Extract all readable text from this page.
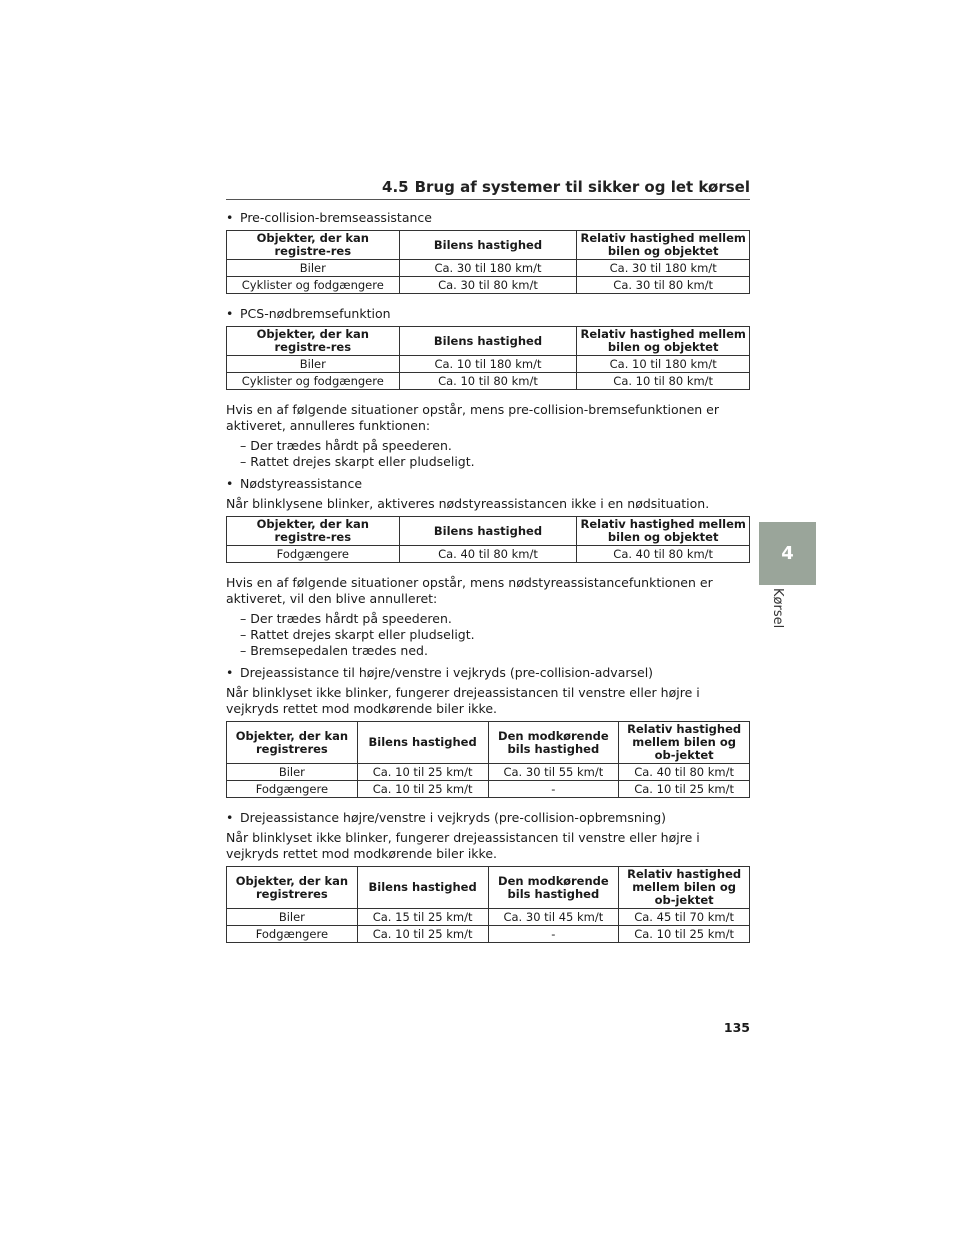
4.5 Brug af systemer til sikker og let kørsel
• Pre-collision-bremseassistance
Objekter, der kan registre-res	Bilens hastighed	Relativ hastighed mellem bilen og objektet
Biler	Ca. 30 til 180 km/t	Ca. 30 til 180 km/t
Cyklister og fodgængere	Ca. 30 til 80 km/t	Ca. 30 til 80 km/t
• PCS-nødbremsefunktion
Objekter, der kan registre-res	Bilens hastighed	Relativ hastighed mellem bilen og objektet
Biler	Ca. 10 til 180 km/t	Ca. 10 til 180 km/t
Cyklister og fodgængere	Ca. 10 til 80 km/t	Ca. 10 til 80 km/t

Hvis en af følgende situationer opstår, mens pre-collision-bremsefunktionen er aktiveret, annulleres funktionen:

– Der trædes hårdt på speederen.
– Rattet drejes skarpt eller pludseligt.
• Nødstyreassistance

Når blinklysene blinker, aktiveres nødstyreassistancen ikke i en nødsituation.

Objekter, der kan registre-res	Bilens hastighed	Relativ hastighed mellem bilen og objektet
Fodgængere	Ca. 40 til 80 km/t	Ca. 40 til 80 km/t

Hvis en af følgende situationer opstår, mens nødstyreassistancefunktionen er aktiveret, vil den blive annulleret:

– Der trædes hårdt på speederen.
– Rattet drejes skarpt eller pludseligt.
– Bremsepedalen trædes ned.
• Drejeassistance til højre/venstre i vejkryds (pre-collision-advarsel)

Når blinklyset ikke blinker, fungerer drejeassistancen til venstre eller højre i vejkryds rettet mod modkørende biler ikke.

Objekter, der kan registreres	Bilens hastighed	Den modkørende bils hastighed	Relativ hastighed mellem bilen og ob-jektet
Biler	Ca. 10 til 25 km/t	Ca. 30 til 55 km/t	Ca. 40 til 80 km/t
Fodgængere	Ca. 10 til 25 km/t	-	Ca. 10 til 25 km/t
• Drejeassistance højre/venstre i vejkryds (pre-collision-opbremsning)

Når blinklyset ikke blinker, fungerer drejeassistancen til venstre eller højre i vejkryds rettet mod modkørende biler ikke.

Objekter, der kan registreres	Bilens hastighed	Den modkørende bils hastighed	Relativ hastighed mellem bilen og ob-jektet
Biler	Ca. 15 til 25 km/t	Ca. 30 til 45 km/t	Ca. 45 til 70 km/t
Fodgængere	Ca. 10 til 25 km/t	-	Ca. 10 til 25 km/t
4
Kørsel
135
